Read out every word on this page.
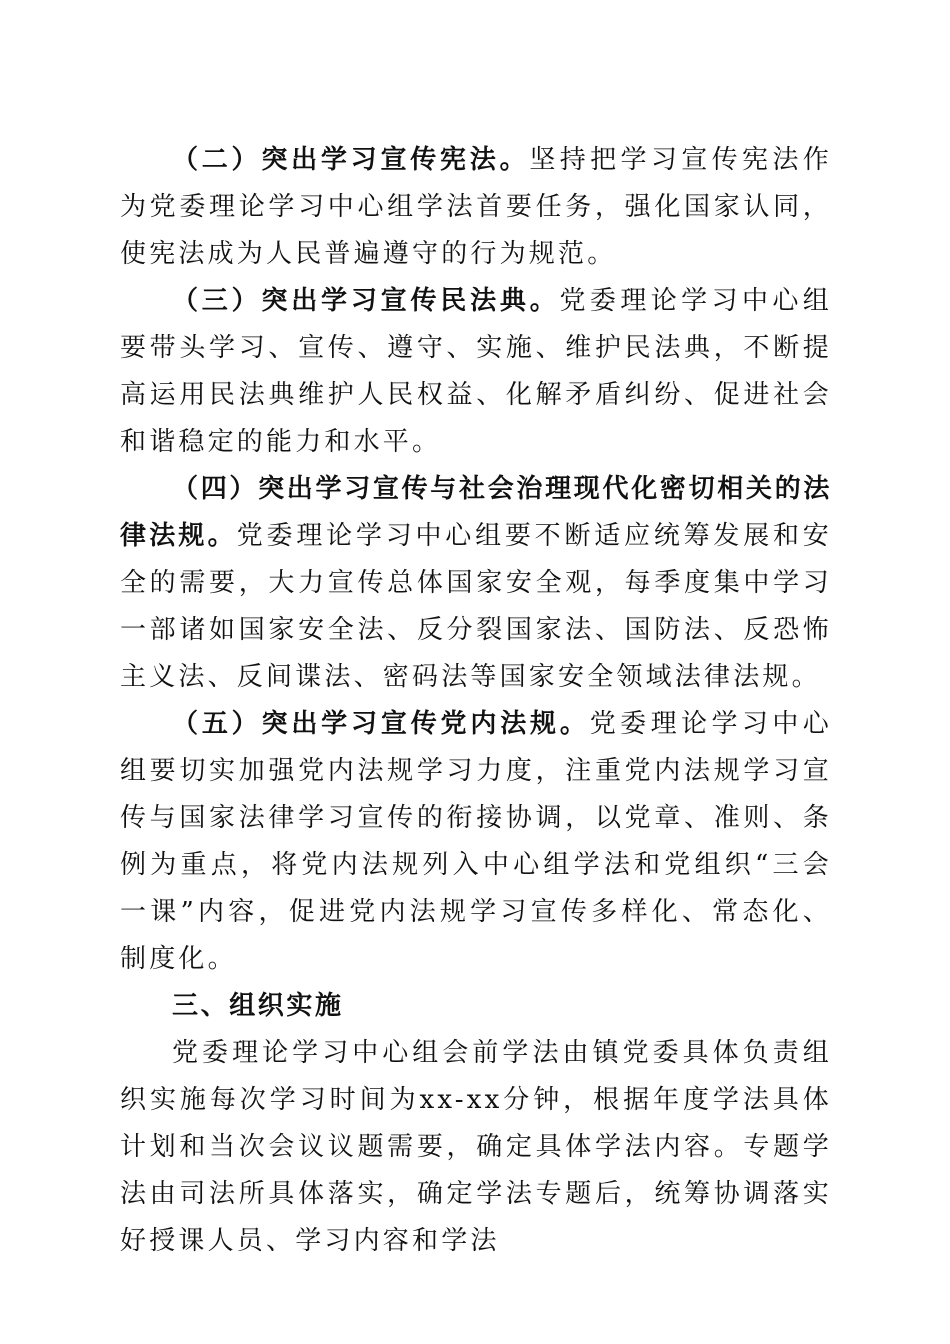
（二）突出学习宣传宪法。坚持把学习宣传宪法作为党委理论学习中心组学法首要任务，强化国家认同，使宪法成为人民普遍遵守的行为规范。

（三）突出学习宣传民法典。党委理论学习中心组要带头学习、宣传、遵守、实施、维护民法典，不断提高运用民法典维护人民权益、化解矛盾纠纷、促进社会和谐稳定的能力和水平。

（四）突出学习宣传与社会治理现代化密切相关的法律法规。党委理论学习中心组要不断适应统筹发展和安全的需要，大力宣传总体国家安全观，每季度集中学习一部诸如国家安全法、反分裂国家法、国防法、反恐怖主义法、反间谍法、密码法等国家安全领域法律法规。

（五）突出学习宣传党内法规。党委理论学习中心组要切实加强党内法规学习力度，注重党内法规学习宣传与国家法律学习宣传的衔接协调，以党章、准则、条例为重点，将党内法规列入中心组学法和党组织“三会一课”内容，促进党内法规学习宣传多样化、常态化、制度化。

三、组织实施

党委理论学习中心组会前学法由镇党委具体负责组织实施每次学习时间为xx-xx分钟，根据年度学法具体计划和当次会议议题需要，确定具体学法内容。专题学法由司法所具体落实，确定学法专题后，统筹协调落实好授课人员、学习内容和学法
